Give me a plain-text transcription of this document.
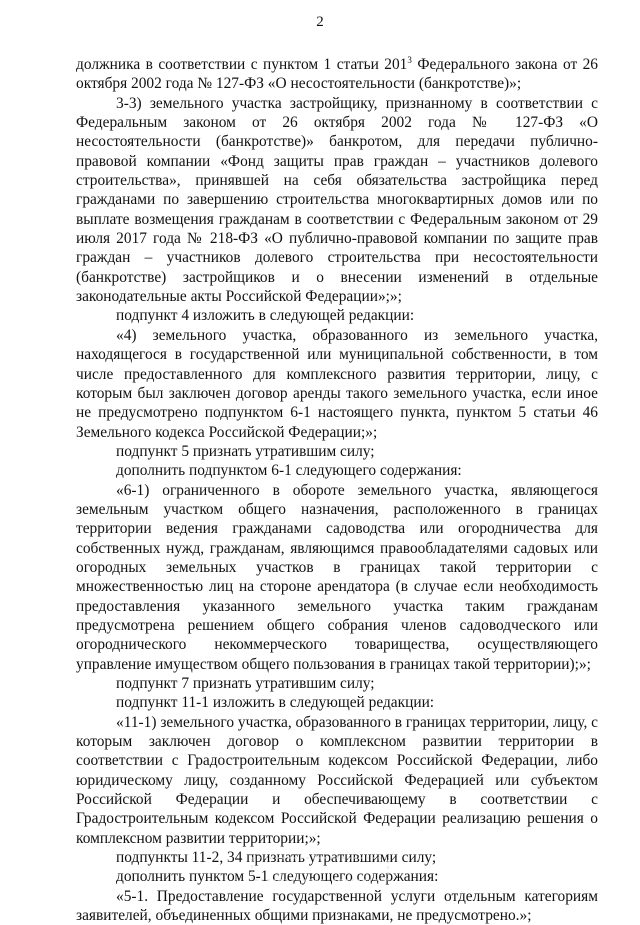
2

должника в соответствии с пунктом 1 статьи $201^3$ Федерального закона от 26 октября 2002 года № 127-ФЗ «О несостоятельности (банкротстве)»;

3-3) земельного участка застройщику, признанному в соответствии с Федеральным законом от 26 октября 2002 года № 127-ФЗ «О несостоятельности (банкротстве)» банкротом, для передачи публично-правовой компании «Фонд защиты прав граждан – участников долевого строительства», принявшей на себя обязательства застройщика перед гражданами по завершению строительства многоквартирных домов или по выплате возмещения гражданам в соответствии с Федеральным законом от 29 июля 2017 года № 218-ФЗ «О публично-правовой компании по защите прав граждан – участников долевого строительства при несостоятельности (банкротстве) застройщиков и о внесении изменений в отдельные законодательные акты Российской Федерации»;»;

подпункт 4 изложить в следующей редакции:

«4) земельного участка, образованного из земельного участка, находящегося в государственной или муниципальной собственности, в том числе предоставленного для комплексного развития территории, лицу, с которым был заключен договор аренды такого земельного участка, если иное не предусмотрено подпунктом 6-1 настоящего пункта, пунктом 5 статьи 46 Земельного кодекса Российской Федерации;»;

подпункт 5 признать утратившим силу;

дополнить подпунктом 6-1 следующего содержания:

«6-1) ограниченного в обороте земельного участка, являющегося земельным участком общего назначения, расположенного в границах территории ведения гражданами садоводства или огородничества для собственных нужд, гражданам, являющимся правообладателями садовых или огородных земельных участков в границах такой территории с множественностью лиц на стороне арендатора (в случае если необходимость предоставления указанного земельного участка таким гражданам предусмотрена решением общего собрания членов садоводческого или огороднического некоммерческого товарищества, осуществляющего управление имуществом общего пользования в границах такой территории);»;

подпункт 7 признать утратившим силу;

подпункт 11-1 изложить в следующей редакции:

«11-1) земельного участка, образованного в границах территории, лицу, с которым заключен договор о комплексном развитии территории в соответствии с Градостроительным кодексом Российской Федерации, либо юридическому лицу, созданному Российской Федерацией или субъектом Российской Федерации и обеспечивающему в соответствии с Градостроительным кодексом Российской Федерации реализацию решения о комплексном развитии территории;»;

подпункты 11-2, 34 признать утратившими силу;

дополнить пунктом 5-1 следующего содержания:

«5-1. Предоставление государственной услуги отдельным категориям заявителей, объединенных общими признаками, не предусмотрено.»;
